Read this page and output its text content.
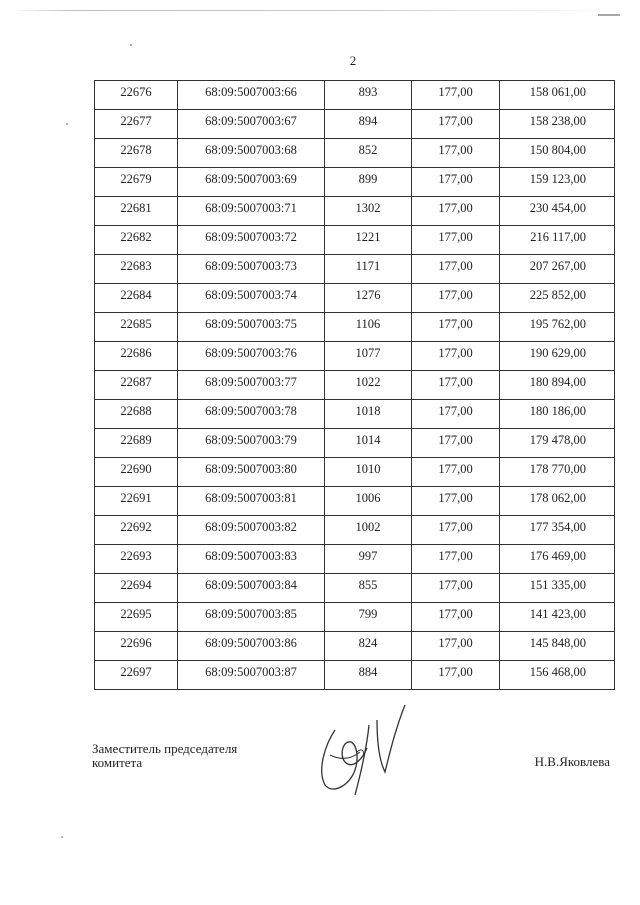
2
22676	68:09:5007003:66	893	177,00	158 061,00
22677	68:09:5007003:67	894	177,00	158 238,00
22678	68:09:5007003:68	852	177,00	150 804,00
22679	68:09:5007003:69	899	177,00	159 123,00
22681	68:09:5007003:71	1302	177,00	230 454,00
22682	68:09:5007003:72	1221	177,00	216 117,00
22683	68:09:5007003:73	1171	177,00	207 267,00
22684	68:09:5007003:74	1276	177,00	225 852,00
22685	68:09:5007003:75	1106	177,00	195 762,00
22686	68:09:5007003:76	1077	177,00	190 629,00
22687	68:09:5007003:77	1022	177,00	180 894,00
22688	68:09:5007003:78	1018	177,00	180 186,00
22689	68:09:5007003:79	1014	177,00	179 478,00
22690	68:09:5007003:80	1010	177,00	178 770,00
22691	68:09:5007003:81	1006	177,00	178 062,00
22692	68:09:5007003:82	1002	177,00	177 354,00
22693	68:09:5007003:83	997	177,00	176 469,00
22694	68:09:5007003:84	855	177,00	151 335,00
22695	68:09:5007003:85	799	177,00	141 423,00
22696	68:09:5007003:86	824	177,00	145 848,00
22697	68:09:5007003:87	884	177,00	156 468,00
Заместитель председателя
комитета	Н.В.Яковлева
